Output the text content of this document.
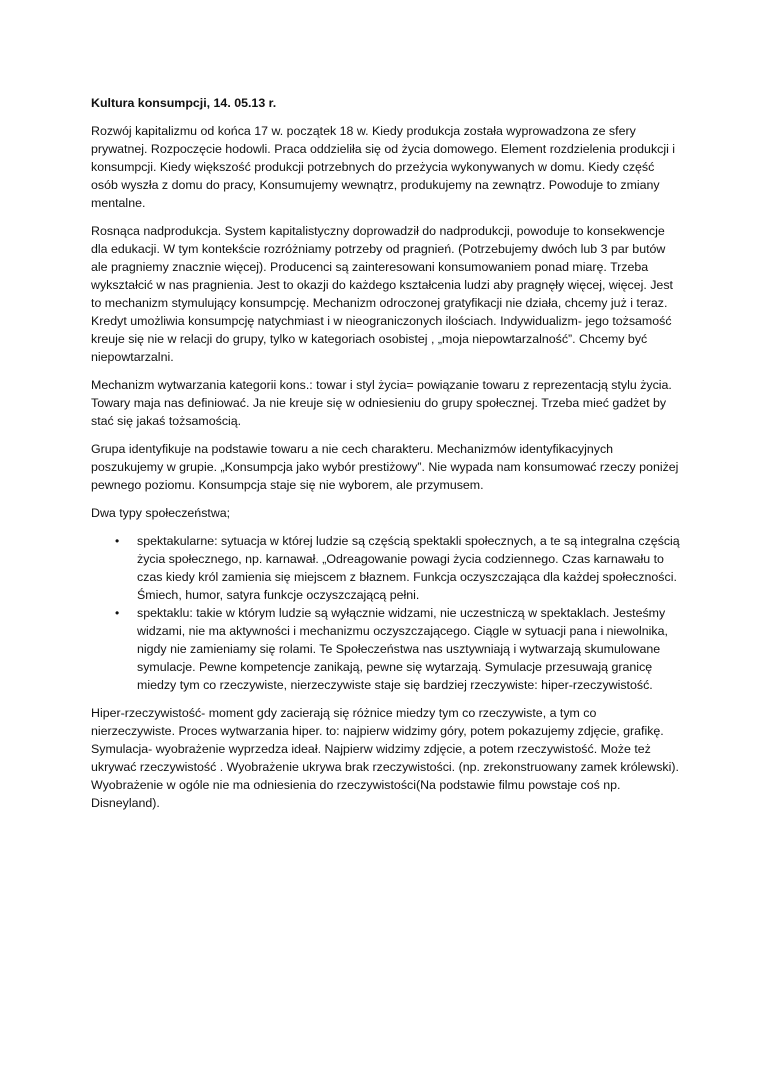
Kultura konsumpcji, 14. 05.13 r.

Rozwój kapitalizmu od końca 17 w. początek 18 w. Kiedy produkcja została wyprowadzona ze sfery prywatnej. Rozpoczęcie hodowli. Praca oddzieliła się od życia domowego. Element rozdzielenia produkcji i konsumpcji. Kiedy większość produkcji potrzebnych do przeżycia wykonywanych w domu. Kiedy część osób wyszła z domu do pracy, Konsumujemy wewnątrz, produkujemy na zewnątrz. Powoduje to zmiany mentalne.

Rosnąca nadprodukcja. System kapitalistyczny doprowadził do nadprodukcji, powoduje to konsekwencje dla edukacji. W tym kontekście rozróżniamy potrzeby od pragnień. (Potrzebujemy dwóch lub 3 par butów ale pragniemy znacznie więcej). Producenci są zainteresowani konsumowaniem ponad miarę. Trzeba wykształcić w nas pragnienia. Jest to okazji do każdego kształcenia ludzi aby pragnęły więcej, więcej. Jest to mechanizm stymulujący konsumpcję. Mechanizm odroczonej gratyfikacji nie działa, chcemy już i teraz. Kredyt umożliwia konsumpcję natychmiast i w nieograniczonych ilościach. Indywidualizm- jego tożsamość kreuje się nie w relacji do grupy, tylko w kategoriach osobistej , „moja niepowtarzalność”. Chcemy być niepowtarzalni.

Mechanizm wytwarzania kategorii kons.: towar i styl życia= powiązanie towaru z reprezentacją stylu życia. Towary maja nas definiować. Ja nie kreuje się w odniesieniu do grupy społecznej. Trzeba mieć gadżet by stać się jakaś tożsamością.

Grupa identyfikuje na podstawie towaru a nie cech charakteru. Mechanizmów identyfikacyjnych poszukujemy w grupie. „Konsumpcja jako wybór prestiżowy”. Nie wypada nam konsumować rzeczy poniżej pewnego poziomu. Konsumpcja staje się nie wyborem, ale przymusem.

Dwa typy społeczeństwa;

• spektakularne: sytuacja w której ludzie są częścią spektakli społecznych, a te są integralna częścią życia społecznego, np. karnawał. „Odreagowanie powagi życia codziennego. Czas karnawału to czas kiedy król zamienia się miejscem z błaznem. Funkcja oczyszczająca dla każdej społeczności. Śmiech, humor, satyra funkcje oczyszczającą pełni.
• spektaklu: takie w którym ludzie są wyłącznie widzami, nie uczestniczą w spektaklach. Jesteśmy widzami, nie ma aktywności i mechanizmu oczyszczającego. Ciągle w sytuacji pana i niewolnika, nigdy nie zamieniamy się rolami. Te Społeczeństwa nas usztywniają i wytwarzają skumulowane symulacje. Pewne kompetencje zanikają, pewne się wytarzają. Symulacje przesuwają granicę miedzy tym co rzeczywiste, nierzeczywiste staje się bardziej rzeczywiste: hiper-rzeczywistość.

Hiper-rzeczywistość- moment gdy zacierają się różnice miedzy tym co rzeczywiste, a tym co nierzeczywiste. Proces wytwarzania hiper. to: najpierw widzimy góry, potem pokazujemy zdjęcie, grafikę. Symulacja- wyobrażenie wyprzedza ideał. Najpierw widzimy zdjęcie, a potem rzeczywistość. Może też ukrywać rzeczywistość . Wyobrażenie ukrywa brak rzeczywistości. (np. zrekonstruowany zamek królewski). Wyobrażenie w ogóle nie ma odniesienia do rzeczywistości(Na podstawie filmu powstaje coś np. Disneyland).
